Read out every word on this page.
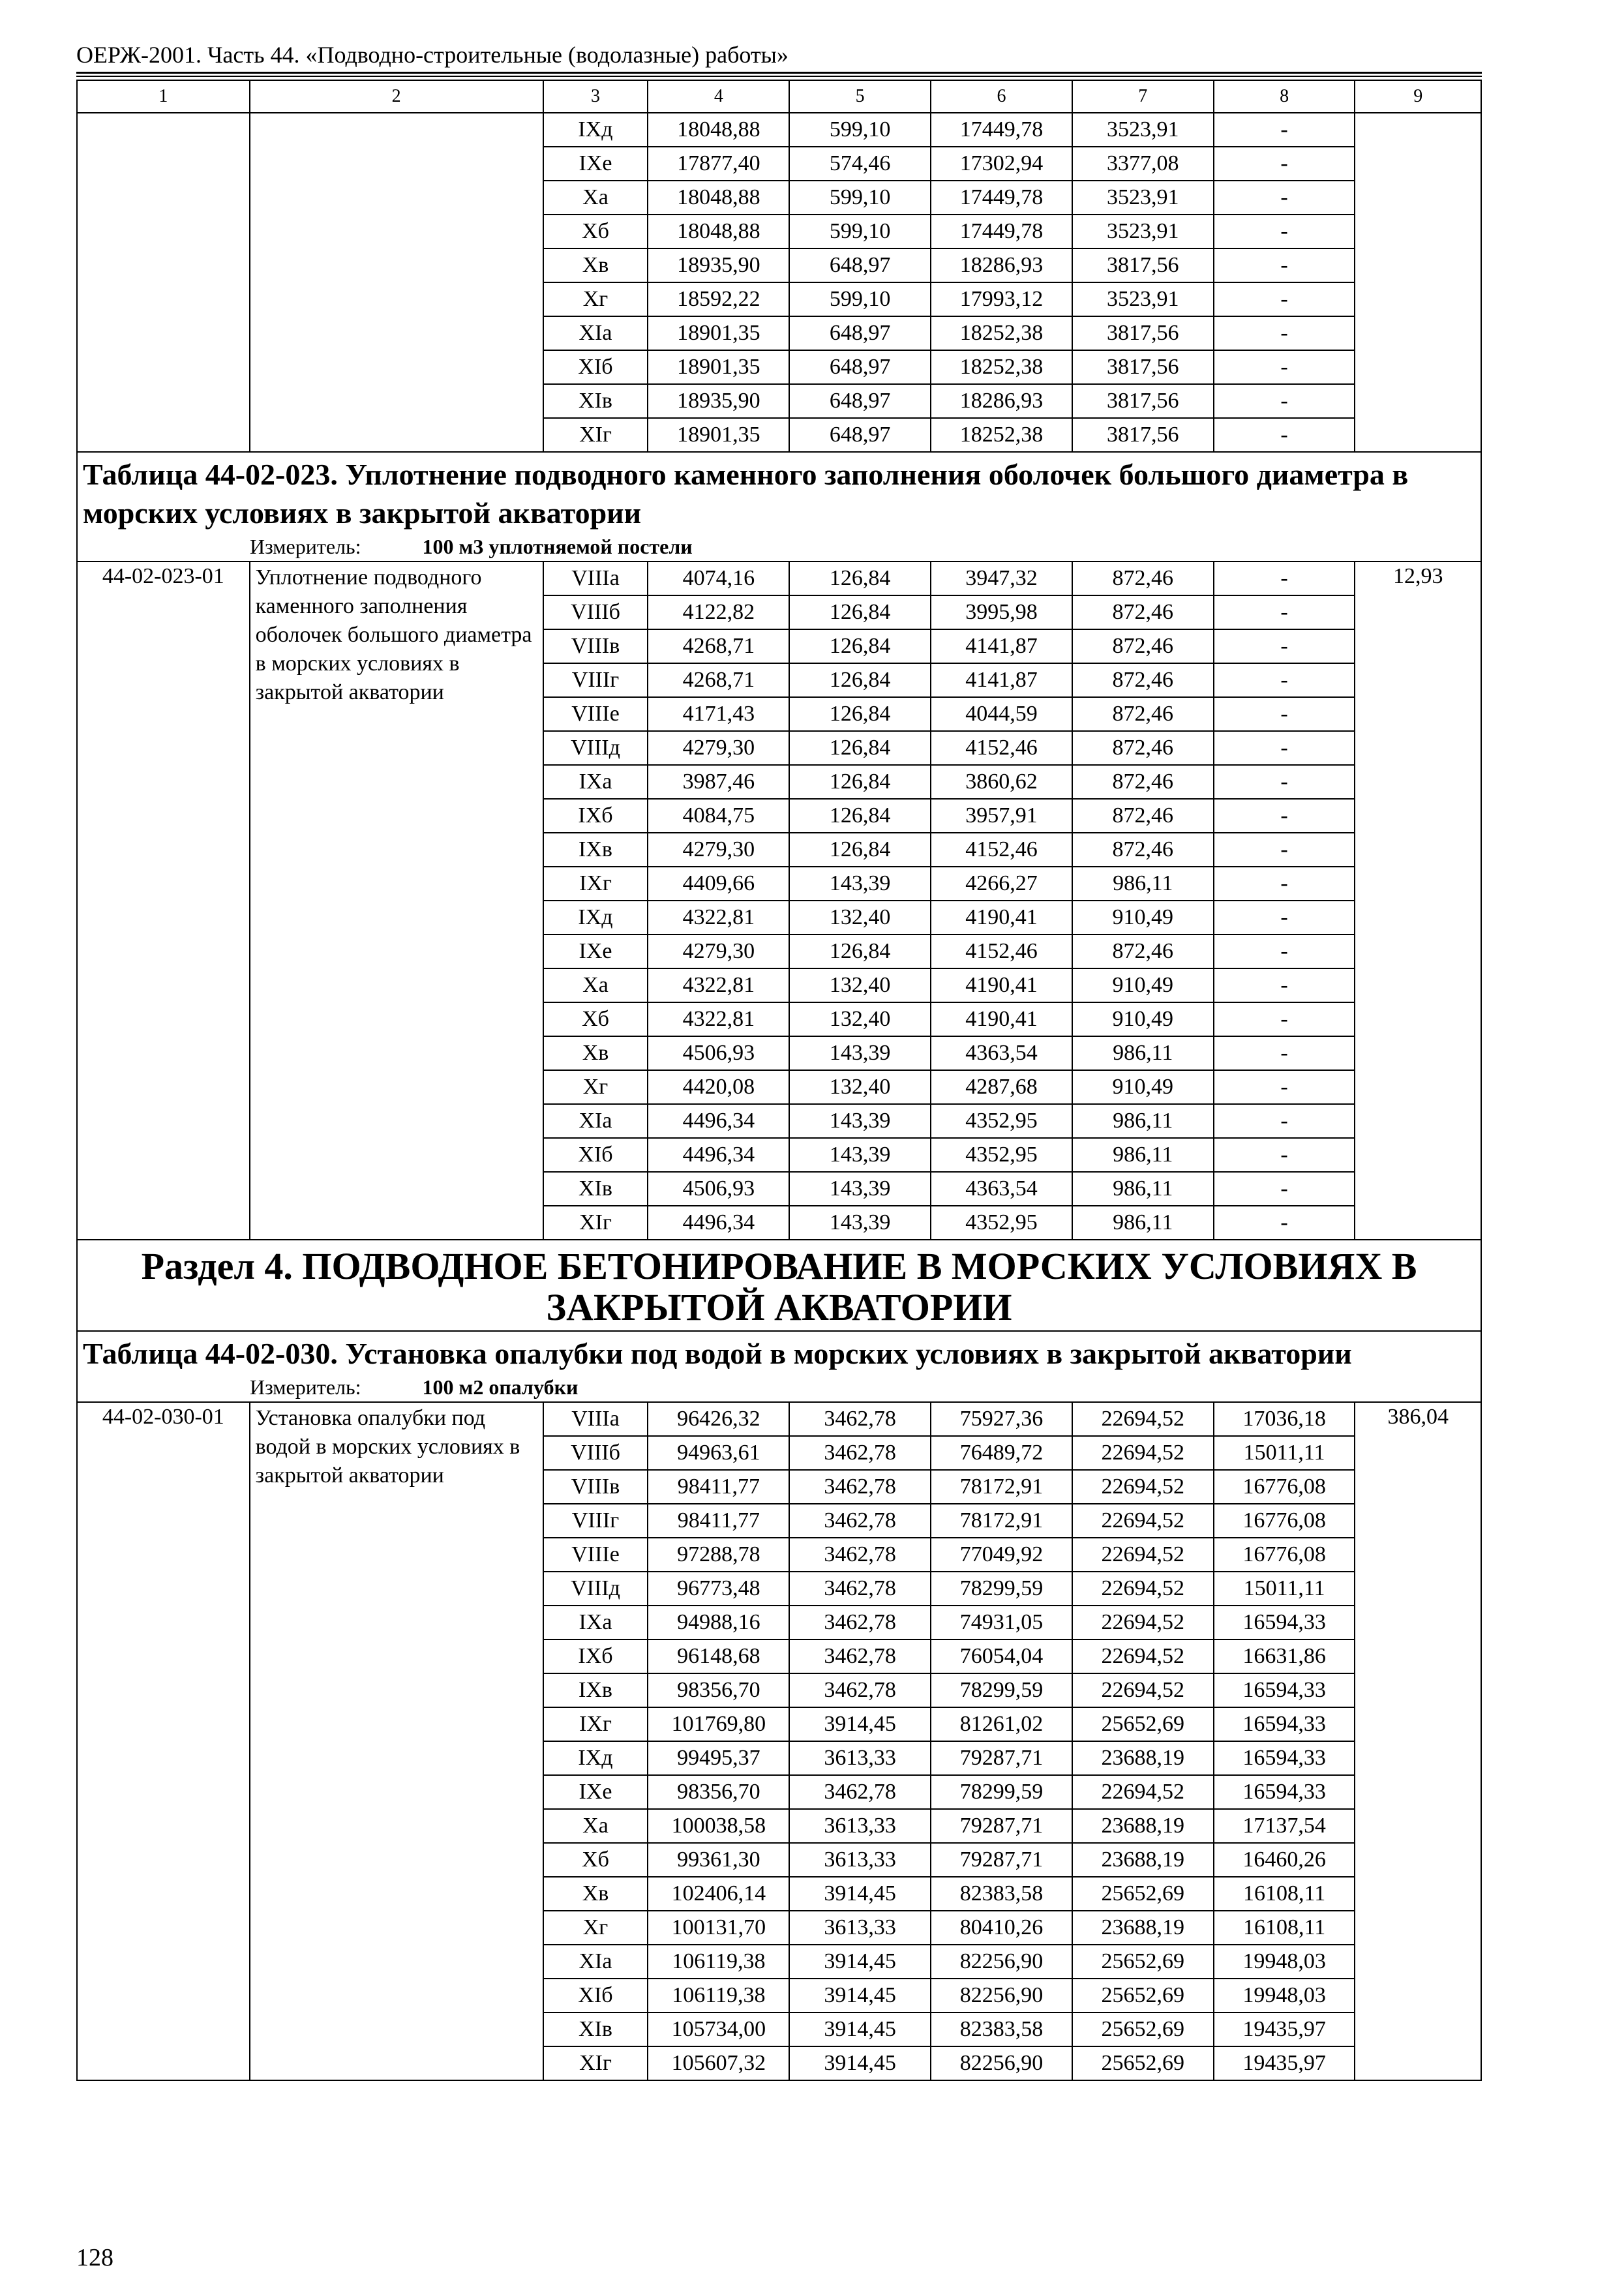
ОЕРЖ-2001. Часть 44. «Подводно-строительные (водолазные) работы»
1	2	3	4	5	6	7	8	9
		IXд	18048,88	599,10	17449,78	3523,91	-	
		IXе	17877,40	574,46	17302,94	3377,08	-	
		Xа	18048,88	599,10	17449,78	3523,91	-	
		Xб	18048,88	599,10	17449,78	3523,91	-	
		Xв	18935,90	648,97	18286,93	3817,56	-	
		Xг	18592,22	599,10	17993,12	3523,91	-	
		XIа	18901,35	648,97	18252,38	3817,56	-	
		XIб	18901,35	648,97	18252,38	3817,56	-	
		XIв	18935,90	648,97	18286,93	3817,56	-	
		XIг	18901,35	648,97	18252,38	3817,56	-	

Таблица 44-02-023. Уплотнение подводного каменного заполнения оболочек большого диаметра в морских условиях в закрытой акватории
Измеритель: 100 м3 уплотняемой постели								

44-02-023-01	Уплотнение подводного каменного заполнения оболочек большого диаметра в морских условиях в закрытой акватории	VIIIа	4074,16	126,84	3947,32	872,46	-	12,93
		VIIIб	4122,82	126,84	3995,98	872,46	-	
		VIIIв	4268,71	126,84	4141,87	872,46	-	
		VIIIг	4268,71	126,84	4141,87	872,46	-	
		VIIIе	4171,43	126,84	4044,59	872,46	-	
		VIIIд	4279,30	126,84	4152,46	872,46	-	
		IXа	3987,46	126,84	3860,62	872,46	-	
		IXб	4084,75	126,84	3957,91	872,46	-	
		IXв	4279,30	126,84	4152,46	872,46	-	
		IXг	4409,66	143,39	4266,27	986,11	-	
		IXд	4322,81	132,40	4190,41	910,49	-	
		IXе	4279,30	126,84	4152,46	872,46	-	
		Xа	4322,81	132,40	4190,41	910,49	-	
		Xб	4322,81	132,40	4190,41	910,49	-	
		Xв	4506,93	143,39	4363,54	986,11	-	
		Xг	4420,08	132,40	4287,68	910,49	-	
		XIа	4496,34	143,39	4352,95	986,11	-	
		XIб	4496,34	143,39	4352,95	986,11	-	
		XIв	4506,93	143,39	4363,54	986,11	-	
		XIг	4496,34	143,39	4352,95	986,11	-	
Раздел 4. ПОДВОДНОЕ БЕТОНИРОВАНИЕ В МОРСКИХ УСЛОВИЯХ В ЗАКРЫТОЙ АКВАТОРИИ								

Таблица 44-02-030. Установка опалубки под водой в морских условиях в закрытой акватории
Измеритель: 100 м2 опалубки								

44-02-030-01	Установка опалубки под водой в морских условиях в закрытой акватории	VIIIа	96426,32	3462,78	75927,36	22694,52	17036,18	386,04
		VIIIб	94963,61	3462,78	76489,72	22694,52	15011,11	
		VIIIв	98411,77	3462,78	78172,91	22694,52	16776,08	
		VIIIг	98411,77	3462,78	78172,91	22694,52	16776,08	
		VIIIе	97288,78	3462,78	77049,92	22694,52	16776,08	
		VIIIд	96773,48	3462,78	78299,59	22694,52	15011,11	
		IXа	94988,16	3462,78	74931,05	22694,52	16594,33	
		IXб	96148,68	3462,78	76054,04	22694,52	16631,86	
		IXв	98356,70	3462,78	78299,59	22694,52	16594,33	
		IXг	101769,80	3914,45	81261,02	25652,69	16594,33	
		IXд	99495,37	3613,33	79287,71	23688,19	16594,33	
		IXе	98356,70	3462,78	78299,59	22694,52	16594,33	
		Xа	100038,58	3613,33	79287,71	23688,19	17137,54	
		Xб	99361,30	3613,33	79287,71	23688,19	16460,26	
		Xв	102406,14	3914,45	82383,58	25652,69	16108,11	
		Xг	100131,70	3613,33	80410,26	23688,19	16108,11	
		XIа	106119,38	3914,45	82256,90	25652,69	19948,03	
		XIб	106119,38	3914,45	82256,90	25652,69	19948,03	
		XIв	105734,00	3914,45	82383,58	25652,69	19435,97	
		XIг	105607,32	3914,45	82256,90	25652,69	19435,97	
128
